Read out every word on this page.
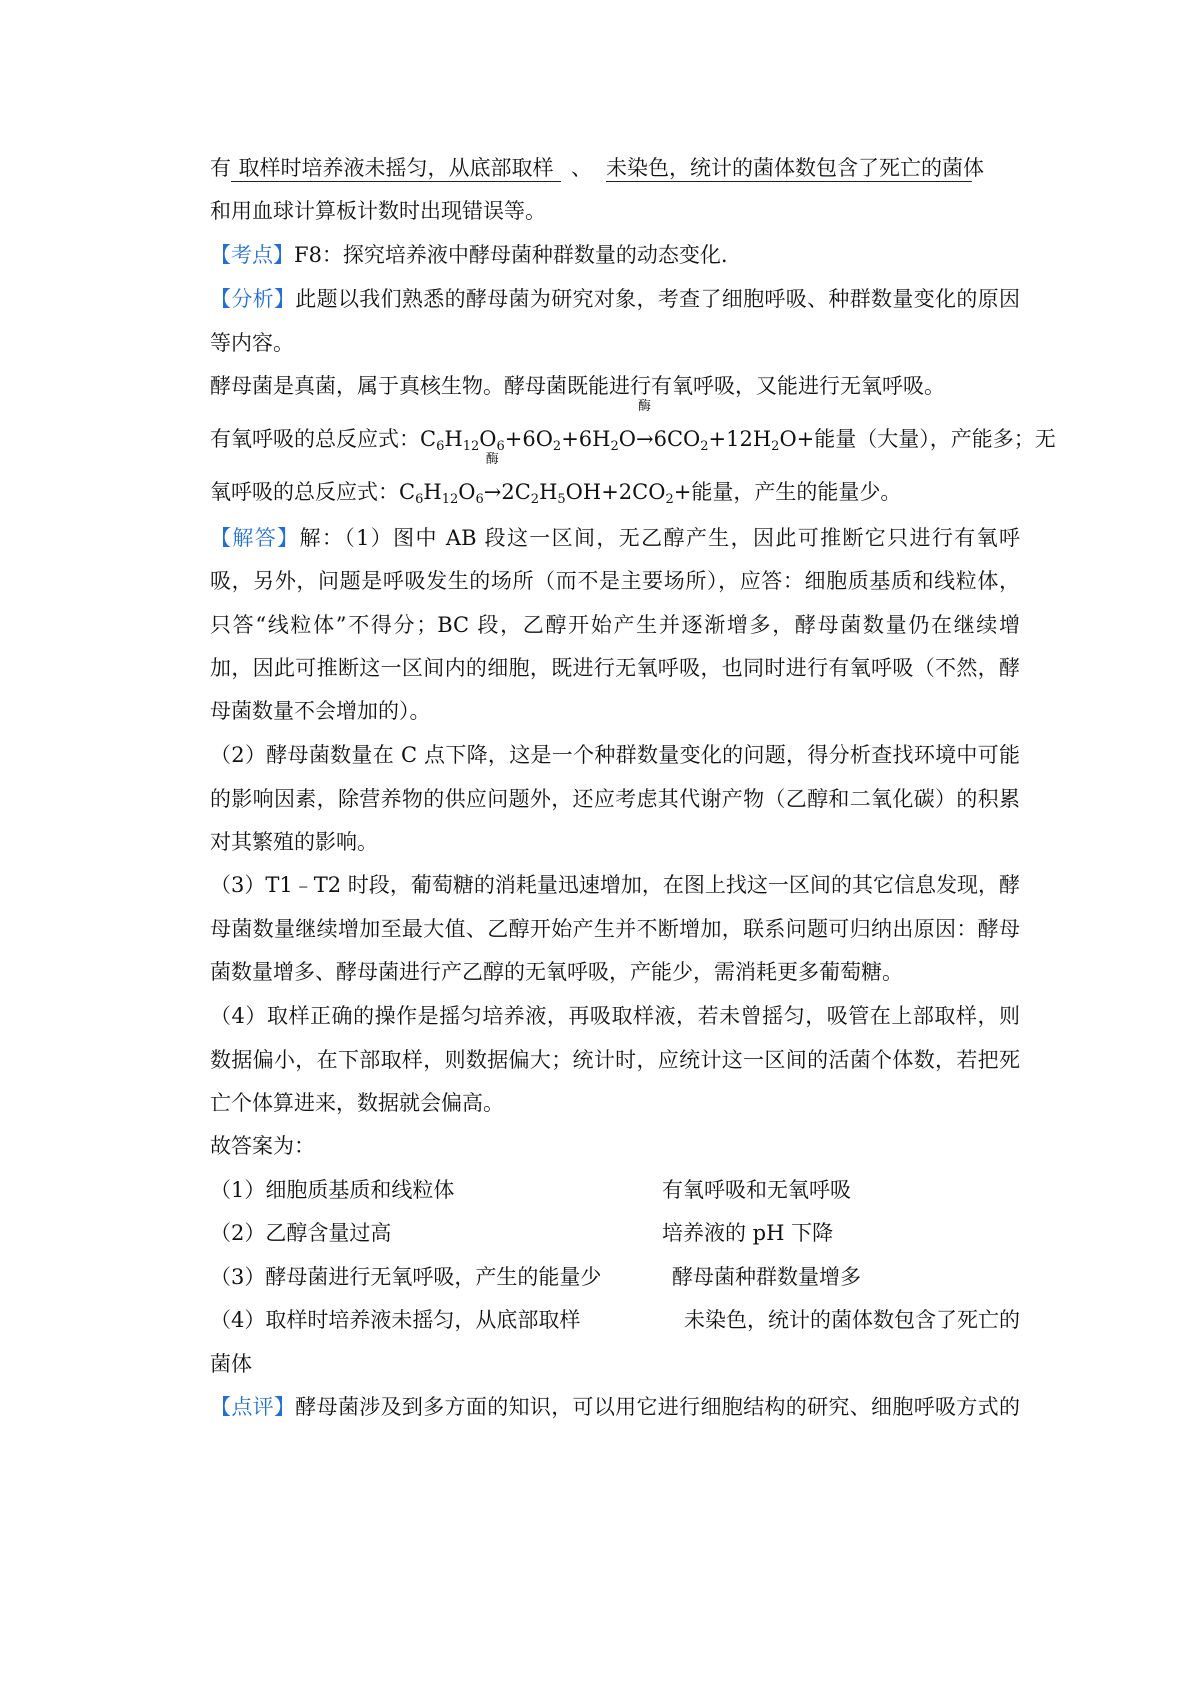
有 取样时培养液未摇匀，从底部取样 、 未染色，统计的菌体数包含了死亡的菌体
和用血球计算板计数时出现错误等。
【考点】F8：探究培养液中酵母菌种群数量的动态变化.
【分析】此题以我们熟悉的酵母菌为研究对象，考查了细胞呼吸、种群数量变化的原因
等内容。
酵母菌是真菌，属于真核生物。酵母菌既能进行有氧呼吸，又能进行无氧呼吸。
有氧呼吸的总反应式：$C_6H_{12}O_6+6O_2+6H_2O$
酶
$\to 6CO_2+12H_2O+$能量（大量），产能多；无
氧呼吸的总反应式：$C_6H_{12}O_6$
酶
$\to 2C_2H_5OH+2CO_2+$能量，产生的能量少。
【解答】解：（1）图中 AB 段这一区间，无乙醇产生，因此可推断它只进行有氧呼
吸，另外，问题是呼吸发生的场所（而不是主要场所），应答：细胞质基质和线粒体，
只答“线粒体”不得分；BC 段，乙醇开始产生并逐渐增多，酵母菌数量仍在继续增
加，因此可推断这一区间内的细胞，既进行无氧呼吸，也同时进行有氧呼吸（不然，酵
母菌数量不会增加的）。
（2）酵母菌数量在 C 点下降，这是一个种群数量变化的问题，得分析查找环境中可能
的影响因素，除营养物的供应问题外，还应考虑其代谢产物（乙醇和二氧化碳）的积累
对其繁殖的影响。
（3）T1﹣T2 时段，葡萄糖的消耗量迅速增加，在图上找这一区间的其它信息发现，酵
母菌数量继续增加至最大值、乙醇开始产生并不断增加，联系问题可归纳出原因：酵母
菌数量增多、酵母菌进行产乙醇的无氧呼吸，产能少，需消耗更多葡萄糖。
（4）取样正确的操作是摇匀培养液，再吸取样液，若未曾摇匀，吸管在上部取样，则
数据偏小，在下部取样，则数据偏大；统计时，应统计这一区间的活菌个体数，若把死
亡个体算进来，数据就会偏高。
故答案为：
（1）细胞质基质和线粒体	有氧呼吸和无氧呼吸
（2）乙醇含量过高	培养液的 pH 下降
（3）酵母菌进行无氧呼吸，产生的能量少	酵母菌种群数量增多
（4）取样时培养液未摇匀，从底部取样	未染色，统计的菌体数包含了死亡的
菌体
【点评】酵母菌涉及到多方面的知识，可以用它进行细胞结构的研究、细胞呼吸方式的
